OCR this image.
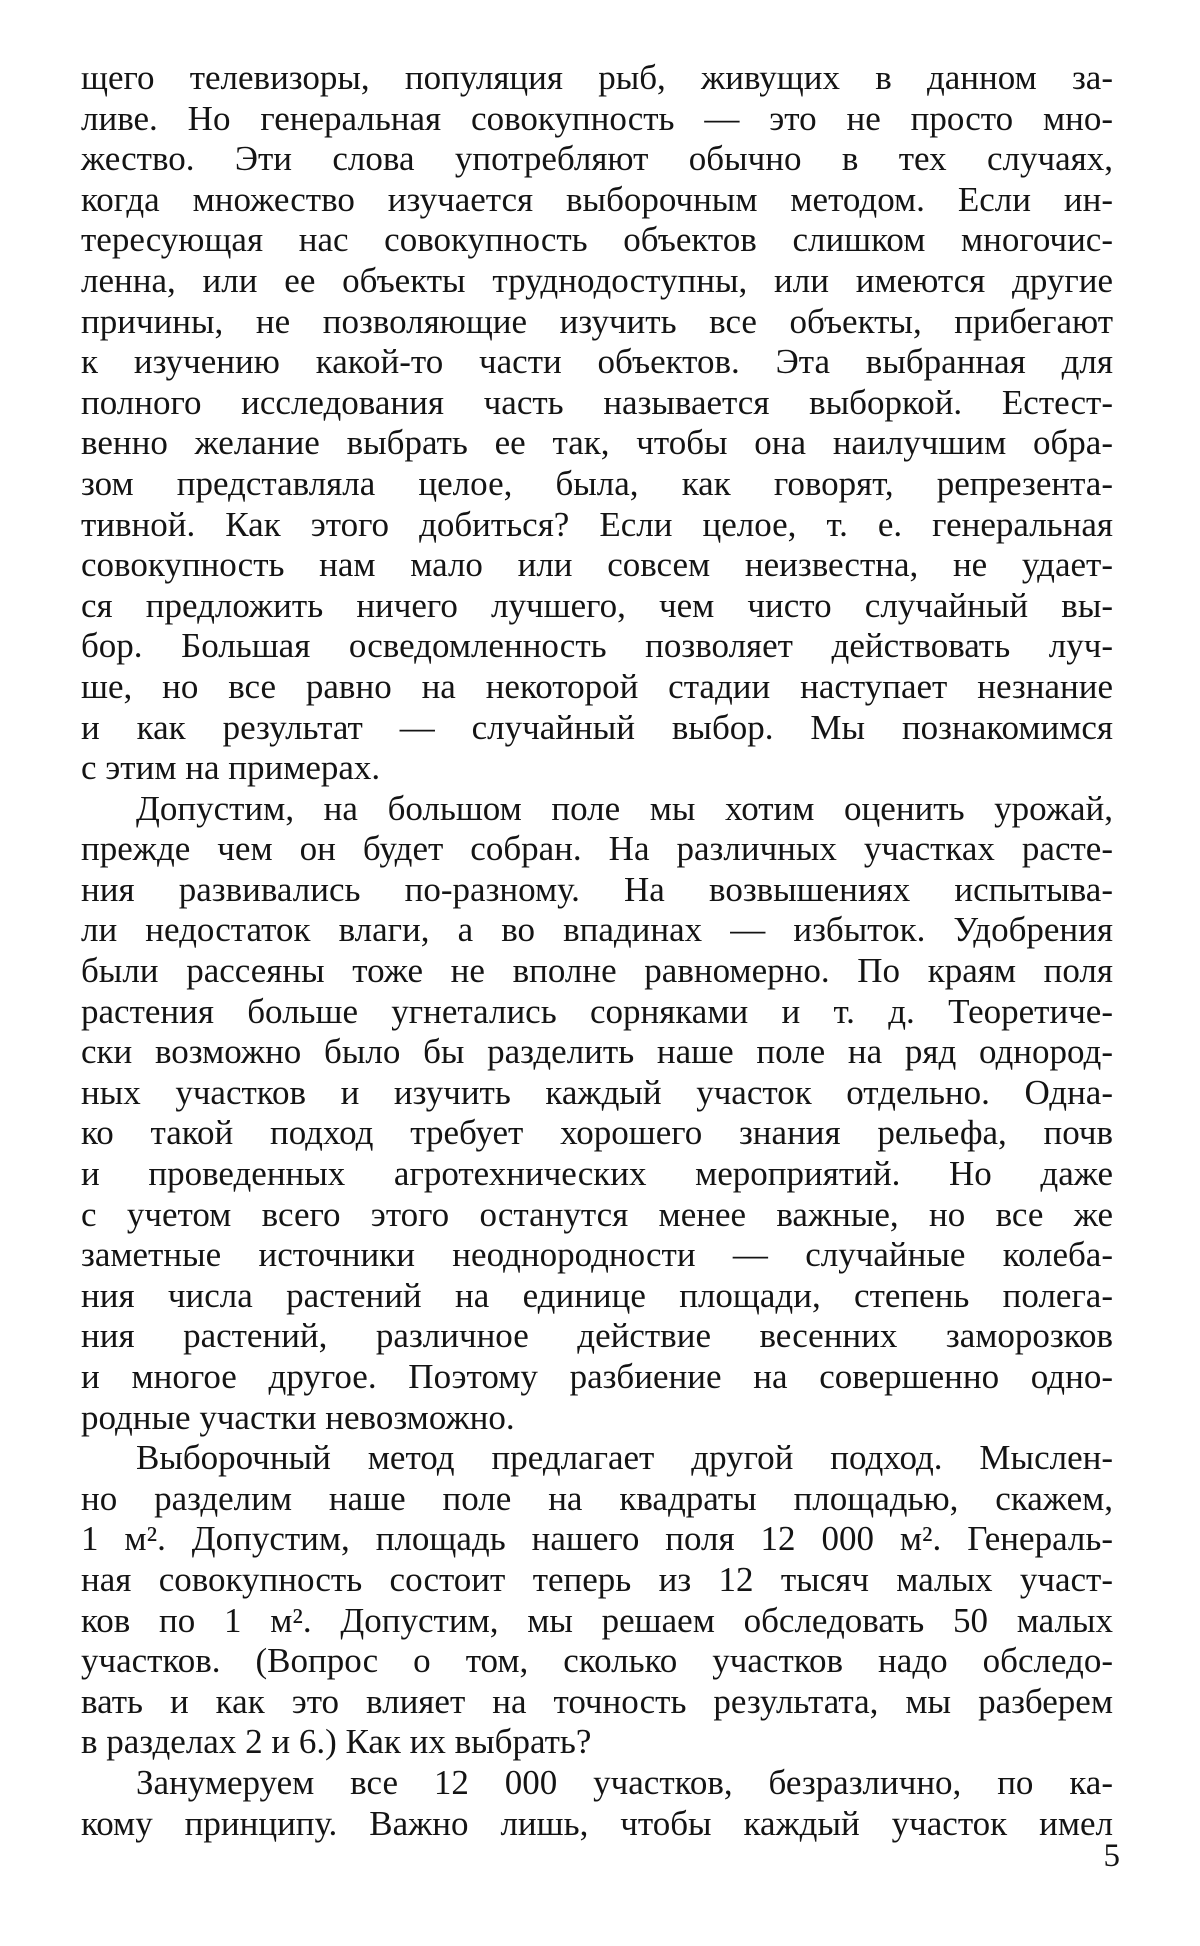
щего телевизоры, популяция рыб, живущих в данном за-
ливе. Но генеральная совокупность — это не просто мно-
жество. Эти слова употребляют обычно в тех случаях,
когда множество изучается выборочным методом. Если ин-
тересующая нас совокупность объектов слишком многочис-
ленна, или ее объекты труднодоступны, или имеются другие
причины, не позволяющие изучить все объекты, прибегают
к изучению какой-то части объектов. Эта выбранная для
полного исследования часть называется выборкой. Естест-
венно желание выбрать ее так, чтобы она наилучшим обра-
зом представляла целое, была, как говорят, репрезента-
тивной. Как этого добиться? Если целое, т. е. генеральная
совокупность нам мало или совсем неизвестна, не удает-
ся предложить ничего лучшего, чем чисто случайный вы-
бор. Большая осведомленность позволяет действовать луч-
ше, но все равно на некоторой стадии наступает незнание
и как результат — случайный выбор. Мы познакомимся
с этим на примерах.
Допустим, на большом поле мы хотим оценить урожай,
прежде чем он будет собран. На различных участках расте-
ния развивались по-разному. На возвышениях испытыва-
ли недостаток влаги, а во впадинах — избыток. Удобрения
были рассеяны тоже не вполне равномерно. По краям поля
растения больше угнетались сорняками и т. д. Теоретиче-
ски возможно было бы разделить наше поле на ряд однород-
ных участков и изучить каждый участок отдельно. Однa-
ко такой подход требует хорошего знания рельефа, почв
и проведенных агротехнических мероприятий. Но даже
с учетом всего этого останутся менее важные, но все же
заметные источники неоднородности — случайные колеба-
ния числа растений на единице площади, степень полега-
ния растений, различное действие весенних заморозков
и многое другое. Поэтому разбиение на совершенно одно-
родные участки невозможно.
Выборочный метод предлагает другой подход. Мыслен-
но разделим наше поле на квадраты площадью, скажем,
1 м². Допустим, площадь нашего поля 12 000 м². Генераль-
ная совокупность состоит теперь из 12 тысяч малых участ-
ков по 1 м². Допустим, мы решаем обследовать 50 малых
участков. (Вопрос о том, сколько участков надо обследо-
вать и как это влияет на точность результата, мы разберем
в разделах 2 и 6.) Как их выбрать?
Занумеруем все 12 000 участков, безразлично, по ка-
кому принципу. Важно лишь, чтобы каждый участок имел
5
